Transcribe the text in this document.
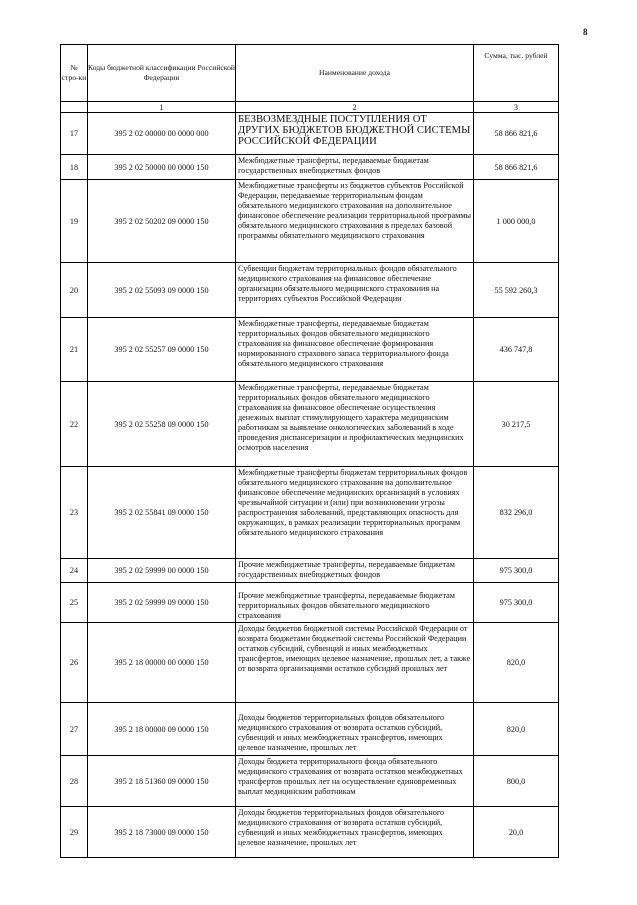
8
№ стро-ки	Коды бюджетной классификации Российской Федерации	Наименование дохода	Сумма, тыс. рублей
	1	2	3
17	395 2 02 00000 00 0000 000	БЕЗВОЗМЕЗДНЫЕ ПОСТУПЛЕНИЯ ОТ ДРУГИХ БЮДЖЕТОВ БЮДЖЕТНОЙ СИСТЕМЫ РОССИЙСКОЙ ФЕДЕРАЦИИ	58 866 821,6
18	395 2 02 50000 00 0000 150	Межбюджетные трансферты, передаваемые бюджетам государственных внебюджетных фондов	58 866 821,6
19	395 2 02 50202 09 0000 150	Межбюджетные трансферты из бюджетов субъектов Российской Федерации, передаваемые территориальным фондам обязательного медицинского страхования на дополнительное финансовое обеспечение реализации территориальной программы обязательного медицинского страхования в пределах базовой программы обязательного медицинского страхования	1 000 000,0
20	395 2 02 55093 09 0000 150	Субвенции бюджетам территориальных фондов обязательного медицинского страхования на финансовое обеспечение организации обязательного медицинского страхования на территориях субъектов Российской Федерации	55 592 260,3
21	395 2 02 55257 09 0000 150	Межбюджетные трансферты, передаваемые бюджетам территориальных фондов обязательного медицинского страхования на финансовое обеспечение формирования нормированного страхового запаса территориального фонда обязательного медицинского страхования	436 747,8
22	395 2 02 55258 09 0000 150	Межбюджетные трансферты, передаваемые бюджетам территориальных фондов обязательного медицинского страхования на финансовое обеспечение осуществления денежных выплат стимулирующего характера медицинским работникам за выявление онкологических заболеваний в ходе проведения диспансеризации и профилактических медицинских осмотров населения	30 217,5
23	395 2 02 55841 09 0000 150	Межбюджетные трансферты бюджетам территориальных фондов обязательного медицинского страхования на дополнительное финансовое обеспечение медицинских организаций в условиях чрезвычайной ситуации и (или) при возникновении угрозы распространения заболеваний, представляющих опасность для окружающих, в рамках реализации территориальных программ обязательного медицинского страхования	832 296,0
24	395 2 02 59999 00 0000 150	Прочие межбюджетные трансферты, передаваемые бюджетам государственных внебюджетных фондов	975 300,0
25	395 2 02 59999 09 0000 150	Прочие межбюджетные трансферты, передаваемые бюджетам территориальных фондов обязательного медицинского страхования	975 300,0
26	395 2 18 00000 00 0000 150	Доходы бюджетов бюджетной системы Российской Федерации от возврата бюджетами бюджетной системы Российской Федерации остатков субсидий, субвенций и иных межбюджетных трансфертов, имеющих целевое назначение, прошлых лет, а также от возврата организациями остатков субсидий прошлых лет	820,0
27	395 2 18 00000 09 0000 150	Доходы бюджетов территориальных фондов обязательного медицинского страхования от возврата остатков субсидий, субвенций и иных межбюджетных трансфертов, имеющих целевое назначение, прошлых лет	820,0
28	395 2 18 51360 09 0000 150	Доходы бюджета территориального фонда обязательного медицинского страхования от возврата остатков межбюджетных трансфертов прошлых лет на осуществление единовременных выплат медицинским работникам	800,0
29	395 2 18 73000 09 0000 150	Доходы бюджетов территориальных фондов обязательного медицинского страхования от возврата остатков субсидий, субвенций и иных межбюджетных трансфертов, имеющих целевое назначение, прошлых лет	20,0
